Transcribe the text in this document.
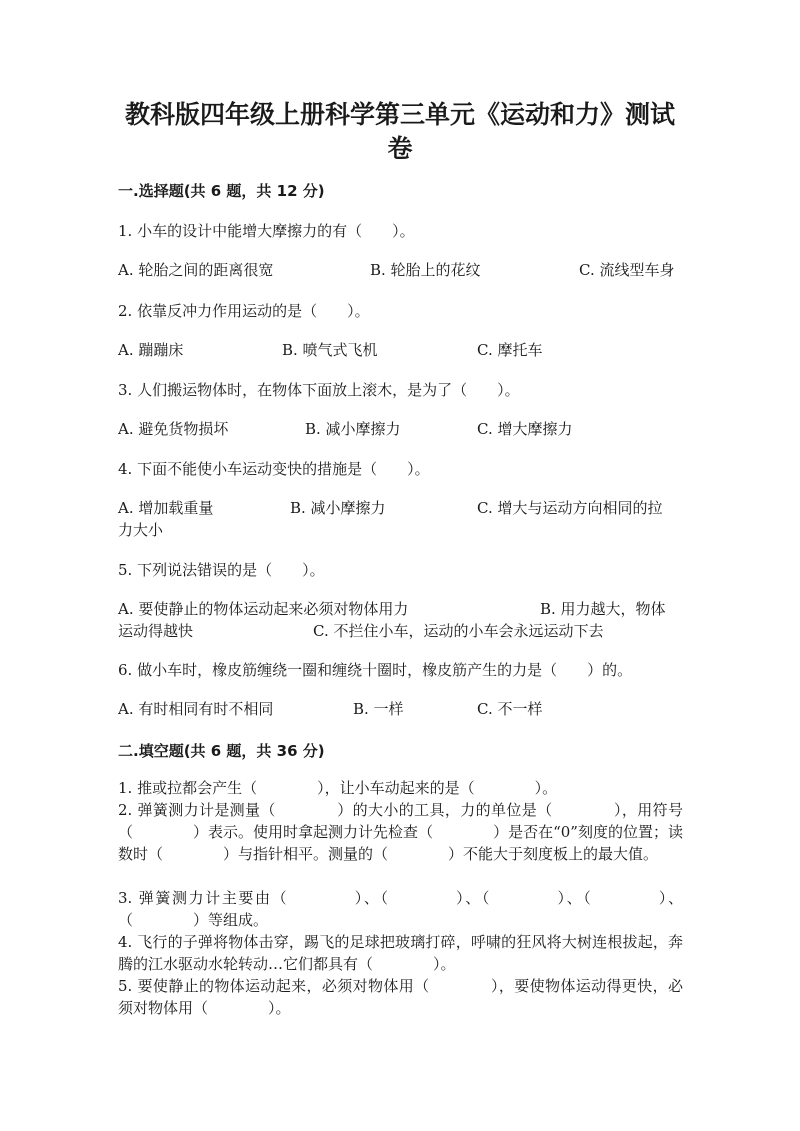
教科版四年级上册科学第三单元《运动和力》测试
卷
一.选择题(共 6 题，共 12 分)
1. 小车的设计中能增大摩擦力的有（　　）。
A. 轮胎之间的距离很宽	B. 轮胎上的花纹	C. 流线型车身
2. 依靠反冲力作用运动的是（　　）。
A. 蹦蹦床	B. 喷气式飞机	C. 摩托车
3. 人们搬运物体时，在物体下面放上滚木，是为了（　　）。
A. 避免货物损坏	B. 减小摩擦力	C. 增大摩擦力
4. 下面不能使小车运动变快的措施是（　　）。
A. 增加载重量	B. 减小摩擦力	C. 增大与运动方向相同的拉
力大小
5. 下列说法错误的是（　　）。
A. 要使静止的物体运动起来必须对物体用力	B. 用力越大，物体
运动得越快	C. 不拦住小车，运动的小车会永远运动下去
6. 做小车时，橡皮筋缠绕一圈和缠绕十圈时，橡皮筋产生的力是（　　）的。
A. 有时相同有时不相同	B. 一样	C. 不一样
二.填空题(共 6 题，共 36 分)
1. 推或拉都会产生（　　　　），让小车动起来的是（　　　　）。
2. 弹簧测力计是测量（　　　　）的大小的工具，力的单位是（　　　　），用符号（　　　　）表示。使用时拿起测力计先检查（　　　　）是否在“0”刻度的位置；读数时（　　　　）与指针相平。测量的（　　　　）不能大于刻度板上的最大值。
3. 弹簧测力计主要由（　　　　）、（　　　　）、（　　　　）、（　　　　）、（　　　　）等组成。
4. 飞行的子弹将物体击穿，踢飞的足球把玻璃打碎，呼啸的狂风将大树连根拔起，奔腾的江水驱动水轮转动…它们都具有（　　　　）。
5. 要使静止的物体运动起来，必须对物体用（　　　　），要使物体运动得更快，必须对物体用（　　　　）。
